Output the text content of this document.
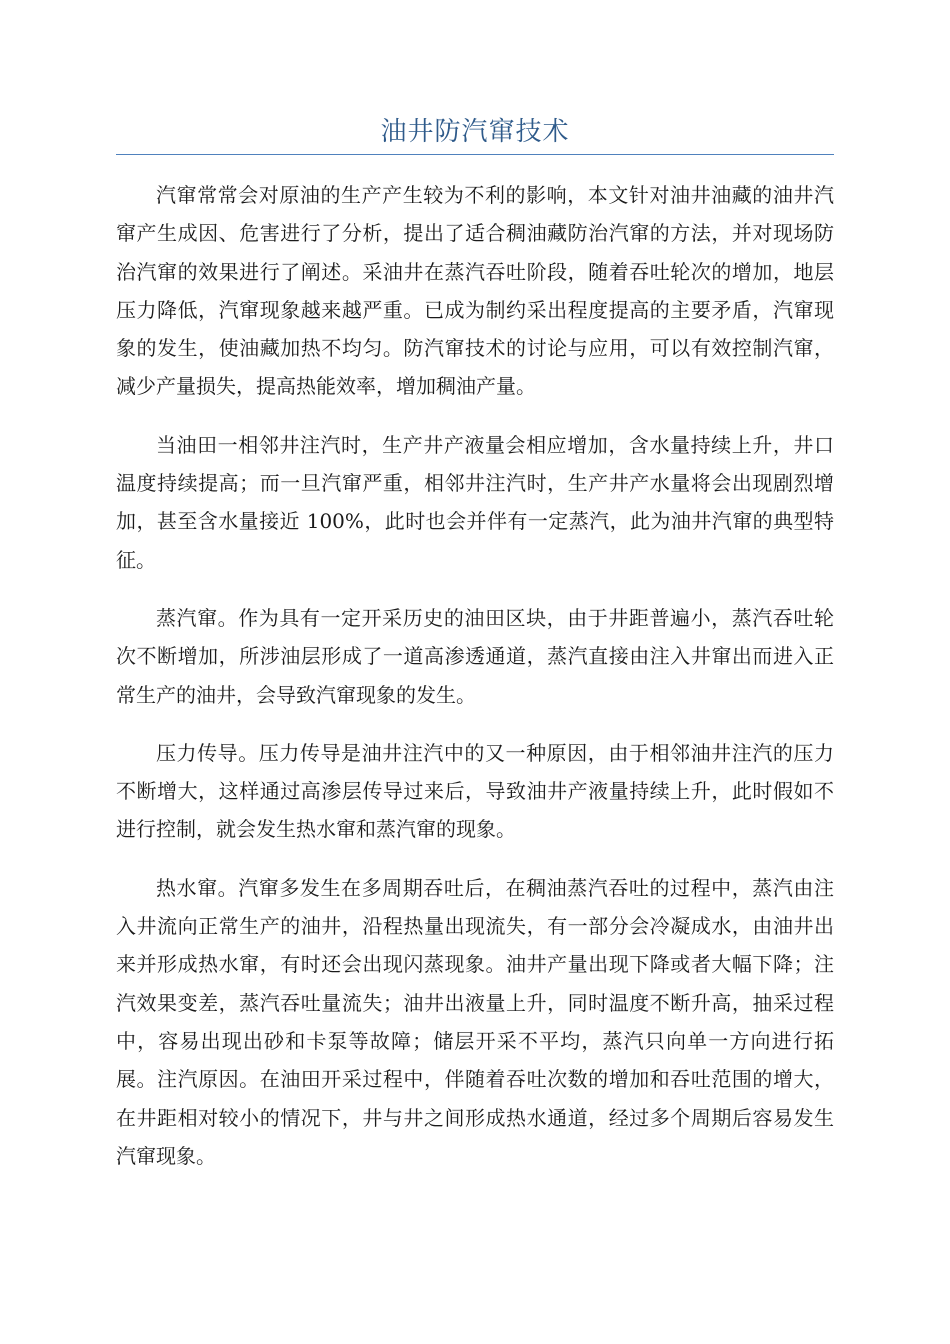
油井防汽窜技术

汽窜常常会对原油的生产产生较为不利的影响，本文针对油井油藏的油井汽窜产生成因、危害进行了分析，提出了适合稠油藏防治汽窜的方法，并对现场防治汽窜的效果进行了阐述。采油井在蒸汽吞吐阶段，随着吞吐轮次的增加，地层压力降低，汽窜现象越来越严重。已成为制约采出程度提高的主要矛盾，汽窜现象的发生，使油藏加热不均匀。防汽窜技术的讨论与应用，可以有效控制汽窜，减少产量损失，提高热能效率，增加稠油产量。

当油田一相邻井注汽时，生产井产液量会相应增加，含水量持续上升，井口温度持续提高；而一旦汽窜严重，相邻井注汽时，生产井产水量将会出现剧烈增加，甚至含水量接近 100%，此时也会并伴有一定蒸汽，此为油井汽窜的典型特征。

蒸汽窜。作为具有一定开采历史的油田区块，由于井距普遍小，蒸汽吞吐轮次不断增加，所涉油层形成了一道高渗透通道，蒸汽直接由注入井窜出而进入正常生产的油井，会导致汽窜现象的发生。

压力传导。压力传导是油井注汽中的又一种原因，由于相邻油井注汽的压力不断增大，这样通过高渗层传导过来后，导致油井产液量持续上升，此时假如不进行控制，就会发生热水窜和蒸汽窜的现象。

热水窜。汽窜多发生在多周期吞吐后，在稠油蒸汽吞吐的过程中，蒸汽由注入井流向正常生产的油井，沿程热量出现流失，有一部分会冷凝成水，由油井出来并形成热水窜，有时还会出现闪蒸现象。油井产量出现下降或者大幅下降；注汽效果变差，蒸汽吞吐量流失；油井出液量上升，同时温度不断升高，抽采过程中，容易出现出砂和卡泵等故障；储层开采不平均，蒸汽只向单一方向进行拓展。注汽原因。在油田开采过程中，伴随着吞吐次数的增加和吞吐范围的增大，在井距相对较小的情况下，井与井之间形成热水通道，经过多个周期后容易发生汽窜现象。
